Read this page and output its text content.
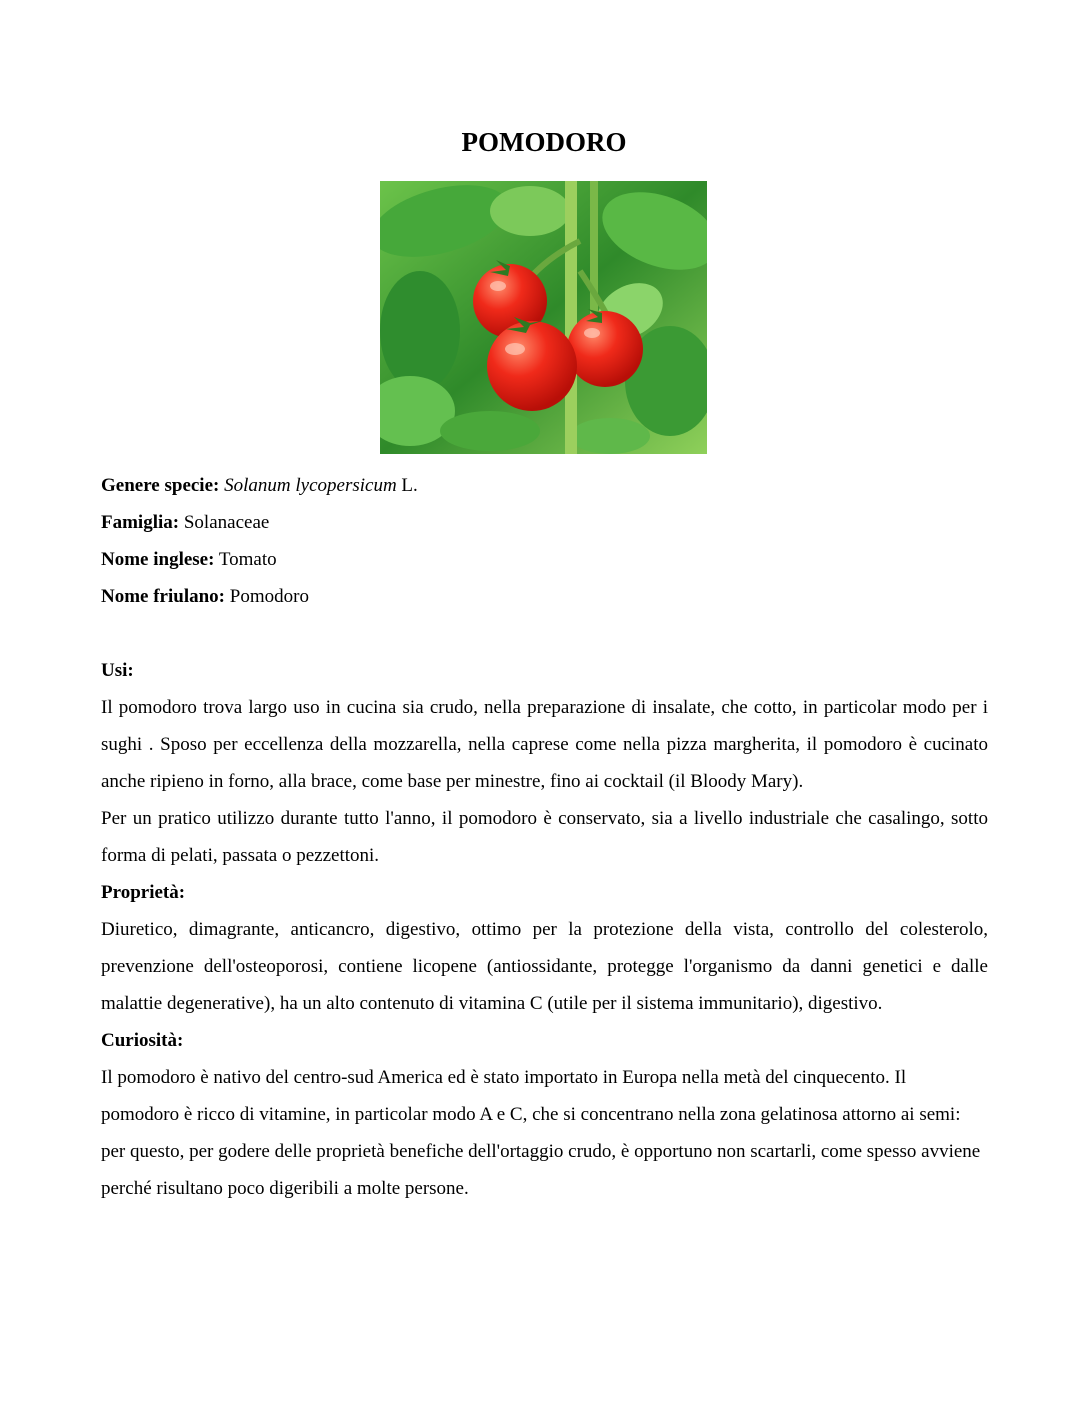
POMODORO

Genere specie: Solanum lycopersicum L.

Famiglia: Solanaceae

Nome inglese: Tomato

Nome friulano: Pomodoro

Usi:

Il pomodoro trova largo uso in cucina sia crudo, nella preparazione di insalate, che cotto, in particolar modo per i sughi . Sposo per eccellenza della mozzarella, nella caprese come nella pizza margherita, il pomodoro è cucinato anche ripieno in forno, alla brace, come base per minestre, fino ai cocktail (il Bloody Mary).

Per un pratico utilizzo durante tutto l'anno, il pomodoro è conservato, sia a livello industriale che casalingo, sotto forma di pelati, passata o pezzettoni.

Proprietà:

Diuretico, dimagrante, anticancro, digestivo, ottimo per la protezione della vista, controllo del colesterolo, prevenzione dell'osteoporosi, contiene licopene (antiossidante, protegge l'organismo da danni genetici e dalle malattie degenerative), ha un alto contenuto di vitamina C (utile per il sistema immunitario), digestivo.

Curiosità:

Il pomodoro è nativo del centro-sud America ed è stato importato in Europa nella metà del cinquecento. Il pomodoro è ricco di vitamine, in particolar modo A e C, che si concentrano nella zona gelatinosa attorno ai semi: per questo, per godere delle proprietà benefiche dell'ortaggio crudo, è opportuno non scartarli, come spesso avviene perché risultano poco digeribili a molte persone.
